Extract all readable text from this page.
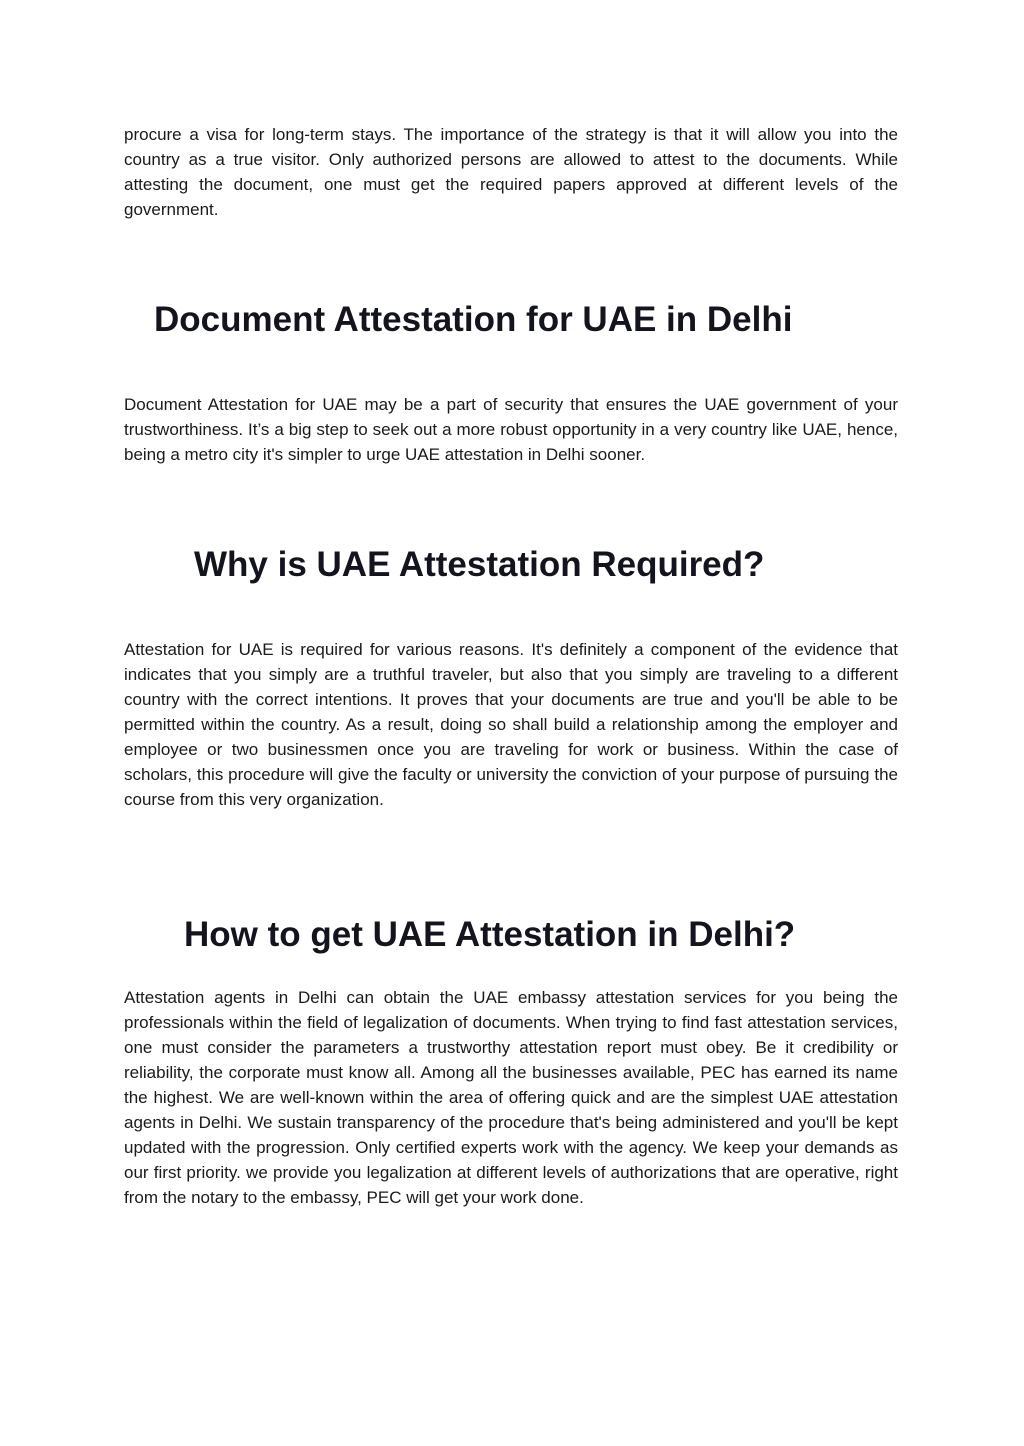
procure a visa for long-term stays. The importance of the strategy is that it will allow you into the country as a true visitor. Only authorized persons are allowed to attest to the documents. While attesting the document, one must get the required papers approved at different levels of the government.

Document Attestation for UAE in Delhi

Document Attestation for UAE may be a part of security that ensures the UAE government of your trustworthiness. It’s a big step to seek out a more robust opportunity in a very country like UAE, hence, being a metro city it's simpler to urge UAE attestation in Delhi sooner.

Why is UAE Attestation Required?

Attestation for UAE is required for various reasons. It's definitely a component of the evidence that indicates that you simply are a truthful traveler, but also that you simply are traveling to a different country with the correct intentions. It proves that your documents are true and you'll be able to be permitted within the country. As a result, doing so shall build a relationship among the employer and employee or two businessmen once you are traveling for work or business. Within the case of scholars, this procedure will give the faculty or university the conviction of your purpose of pursuing the course from this very organization.

How to get UAE Attestation in Delhi?

Attestation agents in Delhi can obtain the UAE embassy attestation services for you being the professionals within the field of legalization of documents. When trying to find fast attestation services, one must consider the parameters a trustworthy attestation report must obey. Be it credibility or reliability, the corporate must know all. Among all the businesses available, PEC has earned its name the highest. We are well-known within the area of offering quick and are the simplest UAE attestation agents in Delhi. We sustain transparency of the procedure that's being administered and you'll be kept updated with the progression. Only certified experts work with the agency. We keep your demands as our first priority. we provide you legalization at different levels of authorizations that are operative, right from the notary to the embassy, PEC will get your work done.
